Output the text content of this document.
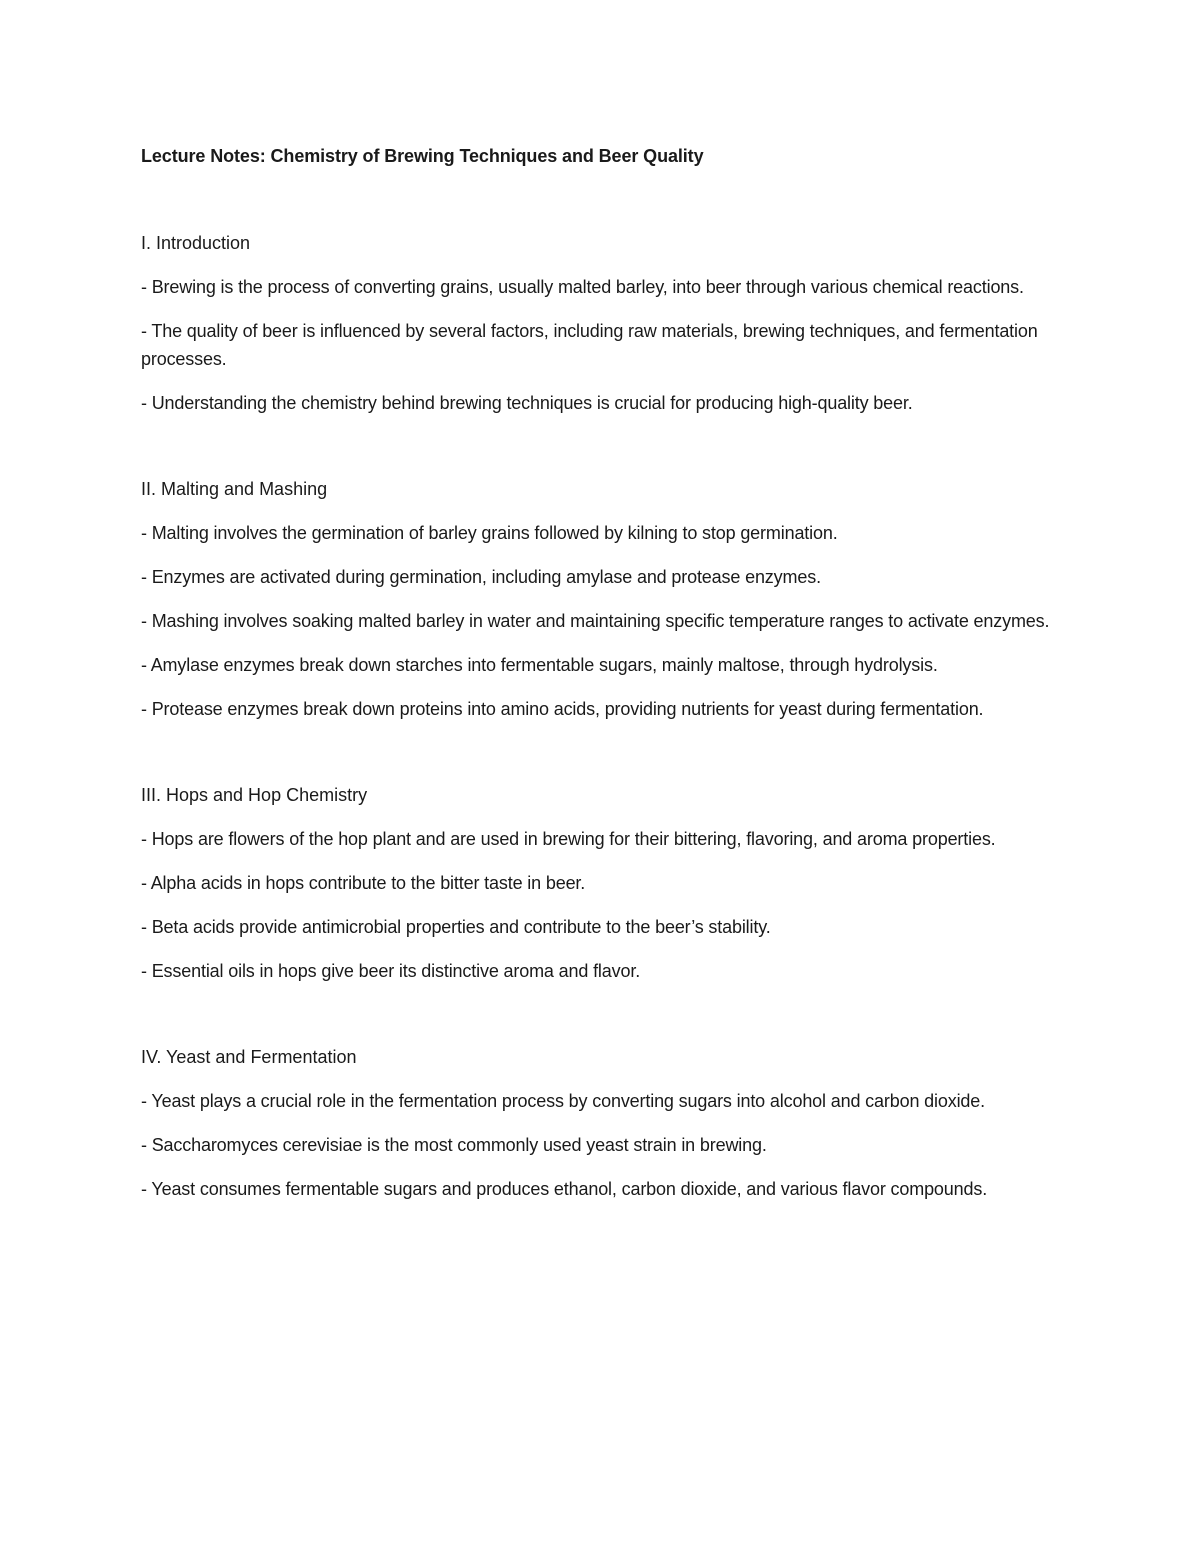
Lecture Notes: Chemistry of Brewing Techniques and Beer Quality
I. Introduction

- Brewing is the process of converting grains, usually malted barley, into beer through various chemical reactions.

- The quality of beer is influenced by several factors, including raw materials, brewing techniques, and fermentation processes.

- Understanding the chemistry behind brewing techniques is crucial for producing high-quality beer.

II. Malting and Mashing

- Malting involves the germination of barley grains followed by kilning to stop germination.

- Enzymes are activated during germination, including amylase and protease enzymes.

- Mashing involves soaking malted barley in water and maintaining specific temperature ranges to activate enzymes.

- Amylase enzymes break down starches into fermentable sugars, mainly maltose, through hydrolysis.

- Protease enzymes break down proteins into amino acids, providing nutrients for yeast during fermentation.

III. Hops and Hop Chemistry

- Hops are flowers of the hop plant and are used in brewing for their bittering, flavoring, and aroma properties.

- Alpha acids in hops contribute to the bitter taste in beer.

- Beta acids provide antimicrobial properties and contribute to the beer’s stability.

- Essential oils in hops give beer its distinctive aroma and flavor.

IV. Yeast and Fermentation

- Yeast plays a crucial role in the fermentation process by converting sugars into alcohol and carbon dioxide.

- Saccharomyces cerevisiae is the most commonly used yeast strain in brewing.

- Yeast consumes fermentable sugars and produces ethanol, carbon dioxide, and various flavor compounds.
